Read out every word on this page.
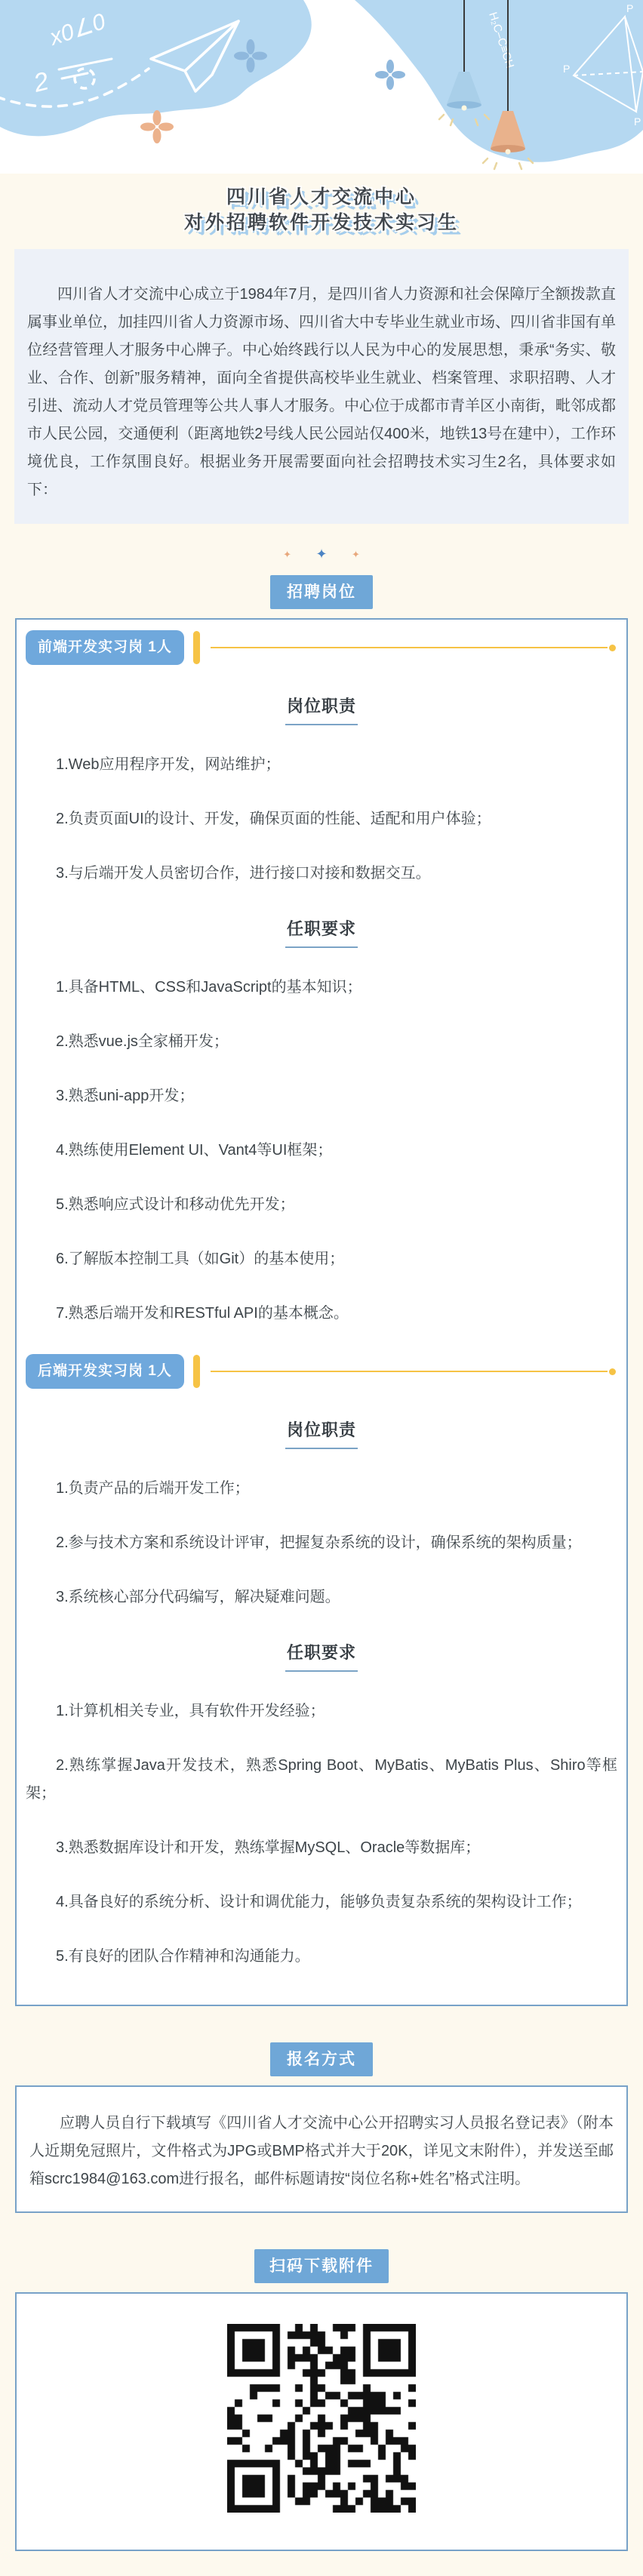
x0∠0
2
H₂C–C≡CH
P
P
P
四川省人才交流中心
对外招聘软件开发技术实习生

四川省人才交流中心成立于1984年7月，是四川省人力资源和社会保障厅全额拨款直属事业单位，加挂四川省人力资源市场、四川省大中专毕业生就业市场、四川省非国有单位经营管理人才服务中心牌子。中心始终践行以人民为中心的发展思想，秉承“务实、敬业、合作、创新”服务精神，面向全省提供高校毕业生就业、档案管理、求职招聘、人才引进、流动人才党员管理等公共人事人才服务。中心位于成都市青羊区小南街，毗邻成都市人民公园，交通便利（距离地铁2号线人民公园站仅400米，地铁13号在建中），工作环境优良，工作氛围良好。根据业务开展需要面向社会招聘技术实习生2名，具体要求如下：

✦ ✦ ✦
招聘岗位
前端开发实习岗 1人
岗位职责

1.Web应用程序开发，网站维护；

2.负责页面UI的设计、开发，确保页面的性能、适配和用户体验；

3.与后端开发人员密切合作，进行接口对接和数据交互。

任职要求

1.具备HTML、CSS和JavaScript的基本知识；

2.熟悉vue.js全家桶开发；

3.熟悉uni-app开发；

4.熟练使用Element UI、Vant4等UI框架；

5.熟悉响应式设计和移动优先开发；

6.了解版本控制工具（如Git）的基本使用；

7.熟悉后端开发和RESTful API的基本概念。

后端开发实习岗 1人
岗位职责

1.负责产品的后端开发工作；

2.参与技术方案和系统设计评审，把握复杂系统的设计，确保系统的架构质量；

3.系统核心部分代码编写，解决疑难问题。

任职要求

1.计算机相关专业，具有软件开发经验；

2.熟练掌握Java开发技术，熟悉Spring Boot、MyBatis、MyBatis Plus、Shiro等框架；

3.熟悉数据库设计和开发，熟练掌握MySQL、Oracle等数据库；

4.具备良好的系统分析、设计和调优能力，能够负责复杂系统的架构设计工作；

5.有良好的团队合作精神和沟通能力。

报名方式

应聘人员自行下载填写《四川省人才交流中心公开招聘实习人员报名登记表》（附本人近期免冠照片，文件格式为JPG或BMP格式并大于20K，详见文末附件），并发送至邮箱scrc1984@163.com进行报名，邮件标题请按“岗位名称+姓名”格式注明。

扫码下载附件
